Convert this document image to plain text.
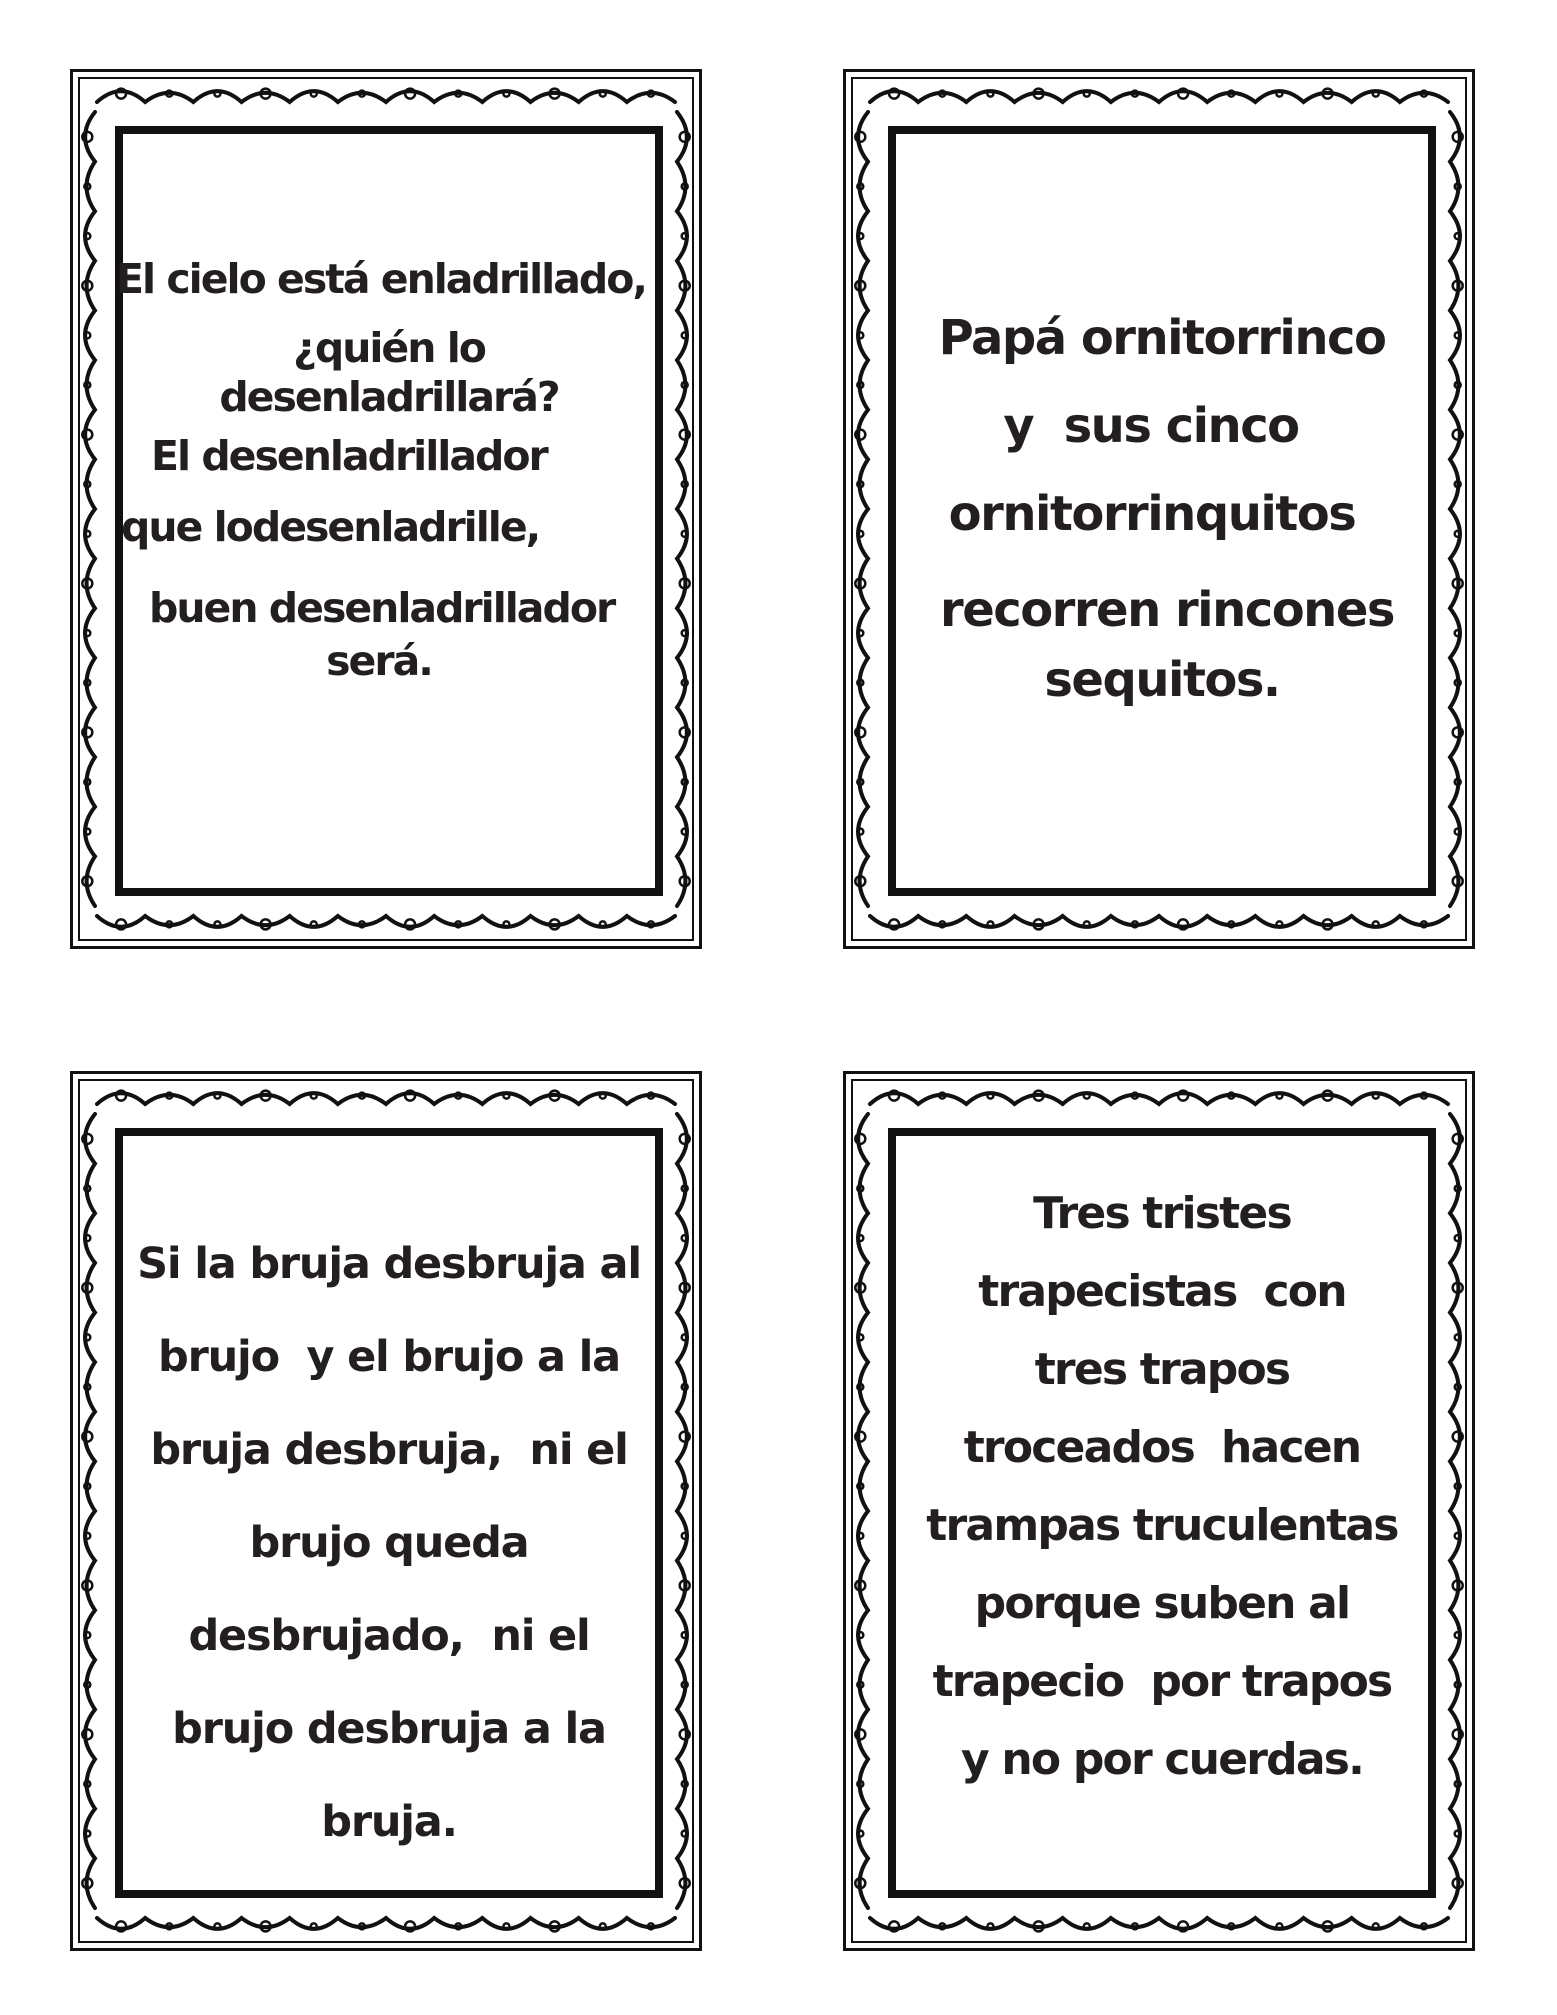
El cielo está enladrillado,
¿quién lo
desenladrillará?
El desenladrillador
que lodesenladrille,
buen desenladrillador
será.
Papá ornitorrinco
y  sus cinco
ornitorrinquitos
recorren rincones
sequitos.
Si la bruja desbruja al
brujo  y el brujo a la
bruja desbruja,  ni el
brujo queda
desbrujado,  ni el
brujo desbruja a la
bruja.
Tres tristes
trapecistas  con
tres trapos
troceados  hacen
trampas truculentas
porque suben al
trapecio  por trapos
y no por cuerdas.
